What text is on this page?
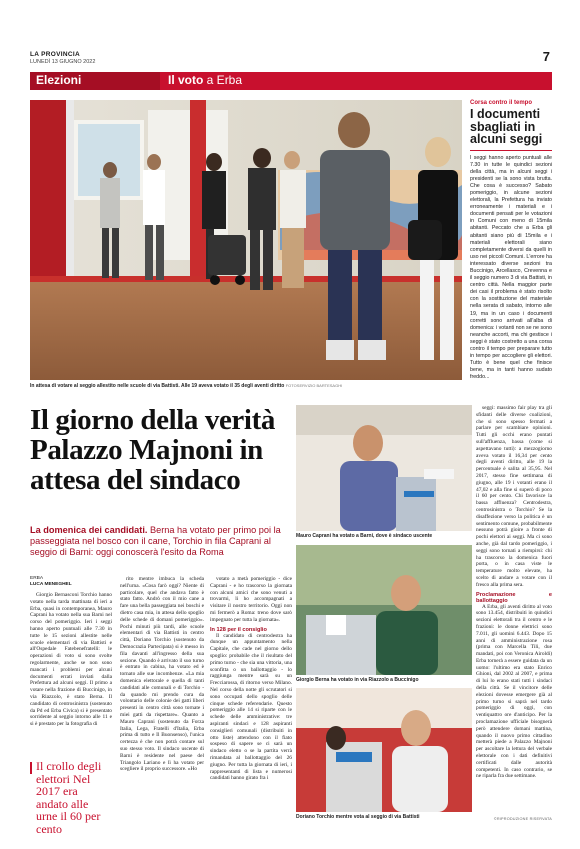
LA PROVINCIA
LUNEDÌ 13 GIUGNO 2022	7
Elezioni	Il voto a Erba
In attesa di votare al seggio allestito nelle scuole di via Battisti. Alle 19 aveva votato il 35 degli aventi diritto FOTOSERVIZIO BARTESAGHI
Corsa contro il tempo
I documenti sbagliati in alcuni seggi
I seggi hanno aperto puntuali alle 7.30 in tutte le quindici sezioni della città, ma in alcuni seggi i presidenti se la sono vista brutta. Che cosa è successo? Sabato pomeriggio, in alcune sezioni elettorali, la Prefettura ha inviato erroneamente i materiali e i documenti pensati per le votazioni in Comuni con meno di 15mila abitanti. Peccato che a Erba gli abitanti siano più di 15mila e i materiali elettorali siano completamente diversi da quelli in uso nei piccoli Comuni. L'errore ha interessato diverse sezioni tra Buccinigo, Arcellasco, Crevenna e il seggio numero 3 di via Battisti, in centro città. Nella maggior parte dei casi il problema è stato risolto con la sostituzione del materiale nella serata di sabato, intorno alle 19, ma in un caso i documenti corretti sono arrivati all'alba di domenica: i votanti non se ne sono neanche accorti, ma chi gestisce i seggi è stato costretto a una corsa contro il tempo per preparare tutto in tempo per accogliere gli elettori. Tutto è bene quel che finisce bene, ma in tanti hanno sudato freddo...
Il giorno della verità Palazzo Majnoni in attesa del sindaco
La domenica dei candidati. Berna ha votato per primo poi la passeggiata nel bosco con il cane, Torchio in fila Caprani al seggio di Barni: oggi conoscerà l'esito da Roma
ERBA
LUCA MENEGHEL

Giorgio Bernasconi Torchio hanno votato nella tarda mattinata di ieri a Erba, quasi in contemporanea, Mauro Caprani ha votato nella sua Barni nel corso del pomeriggio. Ieri i seggi hanno aperto puntuali alle 7.30 in tutte le 15 sezioni allestite nelle scuole elementari di via Battisti e all'Ospedale Fatebenefratelli: le operazioni di voto si sono svolte regolarmente, anche se non sono mancati i problemi per alcuni documenti errati inviati dalla Prefettura ad alcuni seggi. Il primo a votare nella frazione di Buccinigo, in via Riazzolo, è stato Berna. Il candidato di centrosinistra (sostenuto da Pd ed Erba Civica) si è presentato sorridente al seggio intorno alle 11 e si è prestato per la fotografia di

Il crollo degli elettori Nel 2017 era andato alle urne il 60 per cento

rito mentre imbuca la scheda nell'urna. «Cosa farò oggi? Niente di particolare, quel che andava fatto è stato fatto. Andrò con il mio cane a fare una bella passeggiata nei boschi e dietro casa mia, in attesa dello spoglio delle schede di domani pomeriggio». Pochi minuti più tardi, alle scuole elementari di via Battisti in centro città, Doriano Torchio (sostenuto da Democrazia Partecipata) si è messo in fila davanti all'ingresso della sua sezione. Quando è arrivato il suo turno è entrato in cabina, ha votato ed è tornato alle sue incombenze. «La mia domenica elettorale e quella di tanti candidati alle comunali e di Torchio - da quando mi prendo cura da volontario delle colonie dei gatti liberi presenti in centro città sono tornate i miei gatti da rispettare». Quanto a Mauro Caprani (sostenuto da Forza Italia, Lega, Fratelli d'Italia, Erba prima di tutto e Il Buonsenso), l'unica certezza è che non potrà contare sul suo stesso voto. Il sindaco uscente di Barni è residente nel paese del Triangolo Lariano e lì ha votato per scegliere il proprio successore. «Ho

votato a metà pomeriggio - dice Caprani - e ho trascorso la giornata con alcuni amici che sono venuti a trovarmi, li ho accompagnati a visitare il nostro territorio. Oggi non mi fermerò a Roma: treno dove sarò impegnato per tutta la giornata».

In 128 per il consiglio

Il candidato di centrodestra ha dunque un appuntamento nella Capitale, che cade nel giorno dello spoglio: probabile che il risultato del primo turno - che sia una vittoria, una sconfitta o un ballottaggio - lo raggiunga mentre sarà su un Frecciarossa, di ritorno verso Milano. Nel corso della notte gli scrutatori si sono occupati dello spoglio delle cinque schede referendarie. Questo pomeriggio alle 14 si riparte con le schede delle amministrative: tre aspiranti sindaci e 128 aspiranti consiglieri comunali (distribuiti in otto liste) attendono con il fiato sospeso di sapere se ci sarà un sindaco eletto o se la partita verrà rimandata al ballottaggio del 26 giugno. Per tutta la giornata di ieri, i rappresentanti di lista e numerosi candidati hanno girato fra i

Mauro Caprani ha votato a Barni, dove è sindaco uscente
Giorgio Berna ha votato in via Riazzolo a Buccinigo
Doriano Torchio mentre vota al seggio di via Battisti

seggi: massimo fair play tra gli sfidanti delle diverse coalizioni, che si sono spesso fermati a parlare per scambiare opinioni. Tutti gli occhi erano puntati sull'affluenza, bassa (come si aspettavano tutti): a mezzogiorno aveva votato il 16,34 per cento degli aventi diritto, alle 19 la percentuale è salita al 35,95. Nel 2017, stesso fine settimana di giugno, alle 19 i votanti erano il 47,02 e alla fine si superò di poco il 60 per cento. Chi favorisce la bassa affluenza? Centrodestra, centrosinistra o Torchio? Se la disaffezione verso la politica è un sentimento comune, probabilmente nessuno potrà gioire a fronte di pochi elettori ai seggi. Ma ci sono anche, già dal tardo pomeriggio, i seggi sono tornati a riempirsi: chi ha trascorso la domenica fuori porta, o in casa viste le temperature molto elevate, ha scelto di andare a votare con il fresco alla prima sera.

Proclamazione e ballottaggio

A Erba, gli aventi diritto al voto sono 13.454, distribuiti in quindici sezioni elettorali tra il centro e le frazioni: le donne elettrici sono 7.011, gli uomini 6.443. Dopo 15 anni di amministrazione rosa (prima con Marcella Tili, due mandati, poi con Veronica Airoldi) Erba tornerà a essere guidata da un uomo: l'ultimo era stato Enrico Ghioni, dal 2002 al 2007, e prima di lui lo erano stati tutti i sindaci della città. Se il vincitore delle elezioni dovesse emergere già al primo turno si saprà nel tardo pomeriggio di oggi, con ventiquattro ore d'anticipo. Per la proclamazione ufficiale bisognerà però attendere domani mattina, quando il nuovo primo cittadino metterà piede a Palazzo Majnoni per ascoltare la lettura del verbale elettorale con i dati definitivi certificati dalle autorità competenti. In caso contrario, se ne riparla fra due settimane.

©RIPRODUZIONE RISERVATA
